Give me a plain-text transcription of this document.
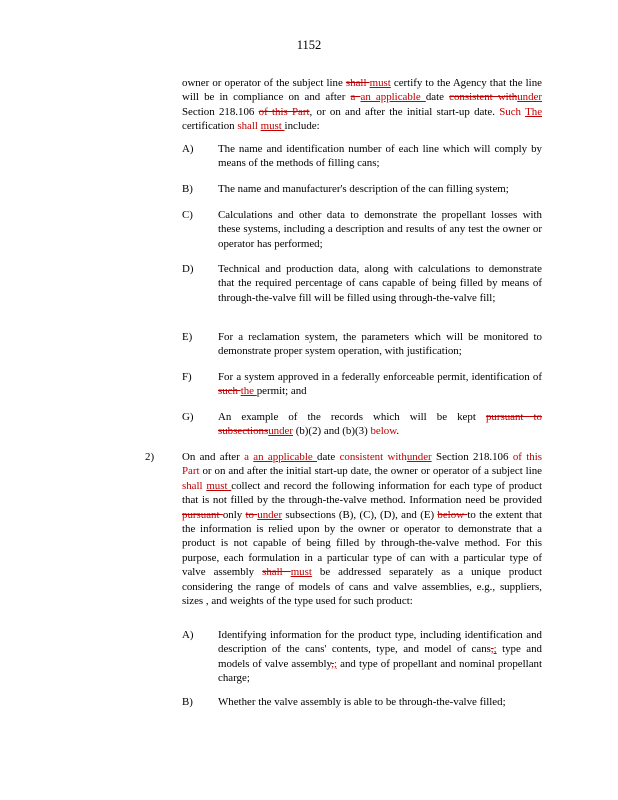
1152
owner or operator of the subject line shall must certify to the Agency that the line will be in compliance on and after a an applicable date consistent withunder Section 218.106 of this Part, or on and after the initial start-up date. Such The certification shall must include:
A) The name and identification number of each line which will comply by means of the methods of filling cans;
B) The name and manufacturer's description of the can filling system;
C) Calculations and other data to demonstrate the propellant losses with these systems, including a description and results of any test the owner or operator has performed;
D) Technical and production data, along with calculations to demonstrate that the required percentage of cans capable of being filled by means of through-the-valve fill will be filled using through-the-valve fill;
E) For a reclamation system, the parameters which will be monitored to demonstrate proper system operation, with justification;
F) For a system approved in a federally enforceable permit, identification of such the permit; and
G) An example of the records which will be kept pursuant to subsectionsunder (b)(2) and (b)(3) below.
2)	On and after a an applicable date consistent withunder Section 218.106 of this Part or on and after the initial start-up date, the owner or operator of a subject line shall must collect and record the following information for each type of product that is not filled by the through-the-valve method. Information need be provided pursuant only to under subsections (B), (C), (D), and (E) below to the extent that the information is relied upon by the owner or operator to demonstrate that a product is not capable of being filled by through-the-valve method. For this purpose, each formulation in a particular type of can with a particular type of valve assembly shall must be addressed separately as a unique product considering the range of models of cans and valve assemblies, e.g., suppliers, sizes , and weights of the type used for such product:
A) Identifying information for the product type, including identification and description of the cans' contents, type, and model of cans,; type and models of valve assembly,; and type of propellant and nominal propellant charge;
B) Whether the valve assembly is able to be through-the-valve filled;
